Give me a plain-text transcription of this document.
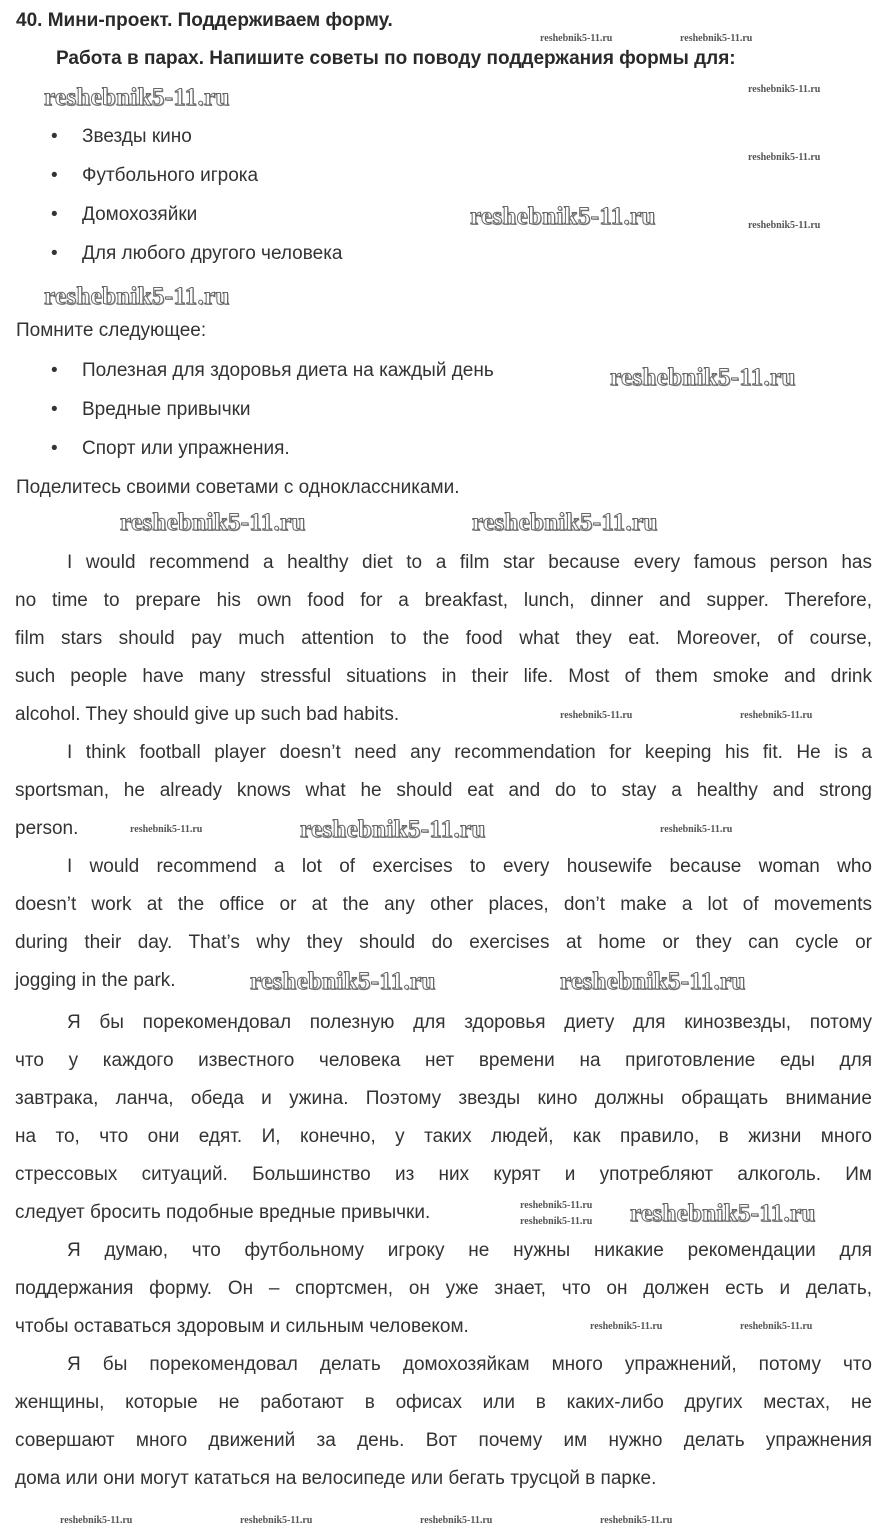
40. Мини-проект. Поддерживаем форму.
Работа в парах. Напишите советы по поводу поддержания формы для:
• Звезды кино
• Футбольного игрока
• Домохозяйки
• Для любого другого человека
Помните следующее:
• Полезная для здоровья диета на каждый день
• Вредные привычки
• Спорт или упражнения.
Поделитесь своими советами с одноклассниками.
I would recommend a healthy diet to a film star because every famous person has
no time to prepare his own food for a breakfast, lunch, dinner and supper. Therefore,
film stars should pay much attention to the food what they eat. Moreover, of course,
such people have many stressful situations in their life. Most of them smoke and drink
alcohol. They should give up such bad habits.
I think football player doesn’t need any recommendation for keeping his fit. He is a
sportsman, he already knows what he should eat and do to stay a healthy and strong
person.
I would recommend a lot of exercises to every housewife because woman who
doesn’t work at the office or at the any other places, don’t make a lot of movements
during their day. That’s why they should do exercises at home or they can cycle or
jogging in the park.
Я бы порекомендовал полезную для здоровья диету для кинозвезды, потому
что у каждого известного человека нет времени на приготовление еды для
завтрака, ланча, обеда и ужина. Поэтому звезды кино должны обращать внимание
на то, что они едят. И, конечно, у таких людей, как правило, в жизни много
стрессовых ситуаций. Большинство из них курят и употребляют алкоголь. Им
следует бросить подобные вредные привычки.
Я думаю, что футбольному игроку не нужны никакие рекомендации для
поддержания форму. Он – спортсмен, он уже знает, что он должен есть и делать,
чтобы оставаться здоровым и сильным человеком.
Я бы порекомендовал делать домохозяйкам много упражнений, потому что
женщины, которые не работают в офисах или в каких-либо других местах, не
совершают много движений за день. Вот почему им нужно делать упражнения
дома или они могут кататься на велосипеде или бегать трусцой в парке.
reshebnik5-11.ru	reshebnik5-11.ru
reshebnik5-11.ru
reshebnik5-11.ru
reshebnik5-11.ru
reshebnik5-11.ru
reshebnik5-11.ru
reshebnik5-11.ru
reshebnik5-11.ru
reshebnik5-11.ru	reshebnik5-11.ru
reshebnik5-11.ru	reshebnik5-11.ru
reshebnik5-11.ru
reshebnik5-11.ru	reshebnik5-11.ru
reshebnik5-11.ru	reshebnik5-11.ru
reshebnik5-11.ru
reshebnik5-11.ru
reshebnik5-11.ru reshebnik5-11.ru
reshebnik5-11.ru	reshebnik5-11.ru
reshebnik5-11.ru	reshebnik5-11.ru	reshebnik5-11.ru
